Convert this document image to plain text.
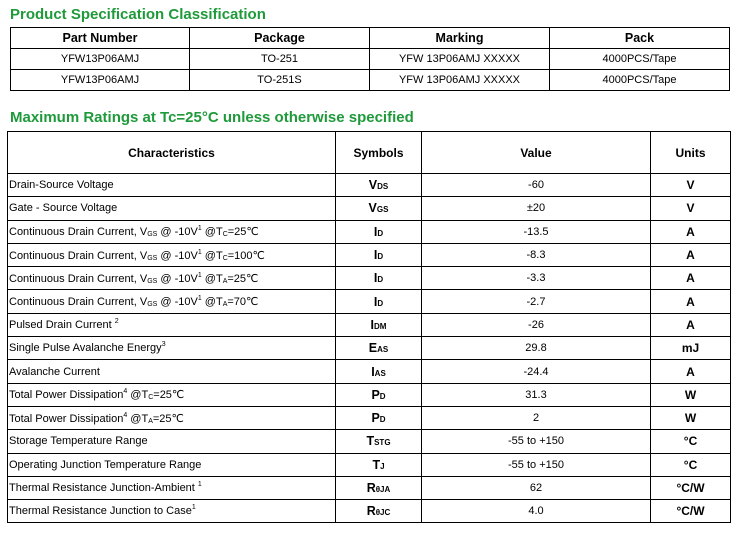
Product Specification Classification
Part Number	Package	Marking	Pack
YFW13P06AMJ	TO-251	YFW 13P06AMJ XXXXX	4000PCS/Tape
YFW13P06AMJ	TO-251S	YFW 13P06AMJ XXXXX	4000PCS/Tape
Maximum Ratings at Tc=25°C unless otherwise specified
Characteristics	Symbols	Value	Units
Drain-Source Voltage	VDS	-60	V
Gate - Source Voltage	VGS	±20	V
Continuous Drain Current, $V_{GS}$ @ $-10V^1$ $@T_C=25℃$	ID	-13.5	A
Continuous Drain Current, $V_{GS}$ @ $-10V^1$ $@T_C=100℃$	ID	-8.3	A
Continuous Drain Current, $V_{GS}$ @ $-10V^1$ $@T_A=25℃$	ID	-3.3	A
Continuous Drain Current, $V_{GS}$ @ $-10V^1$ $@T_A=70℃$	ID	-2.7	A
Pulsed Drain Current $^2$	IDM	-26	A
Single Pulse Avalanche Energy$^3$	EAS	29.8	mJ
Avalanche Current	IAS	-24.4	A
Total Power Dissipation$^4$ $@T_C=25℃$	PD	31.3	W
Total Power Dissipation$^4$ $@T_A=25℃$	PD	2	W
Storage Temperature Range	TSTG	-55 to +150	°C
Operating Junction Temperature Range	TJ	-55 to +150	°C
Thermal Resistance Junction-Ambient $^1$	RθJA	62	°C/W
Thermal Resistance Junction to Case$^1$	RθJC	4.0	°C/W
